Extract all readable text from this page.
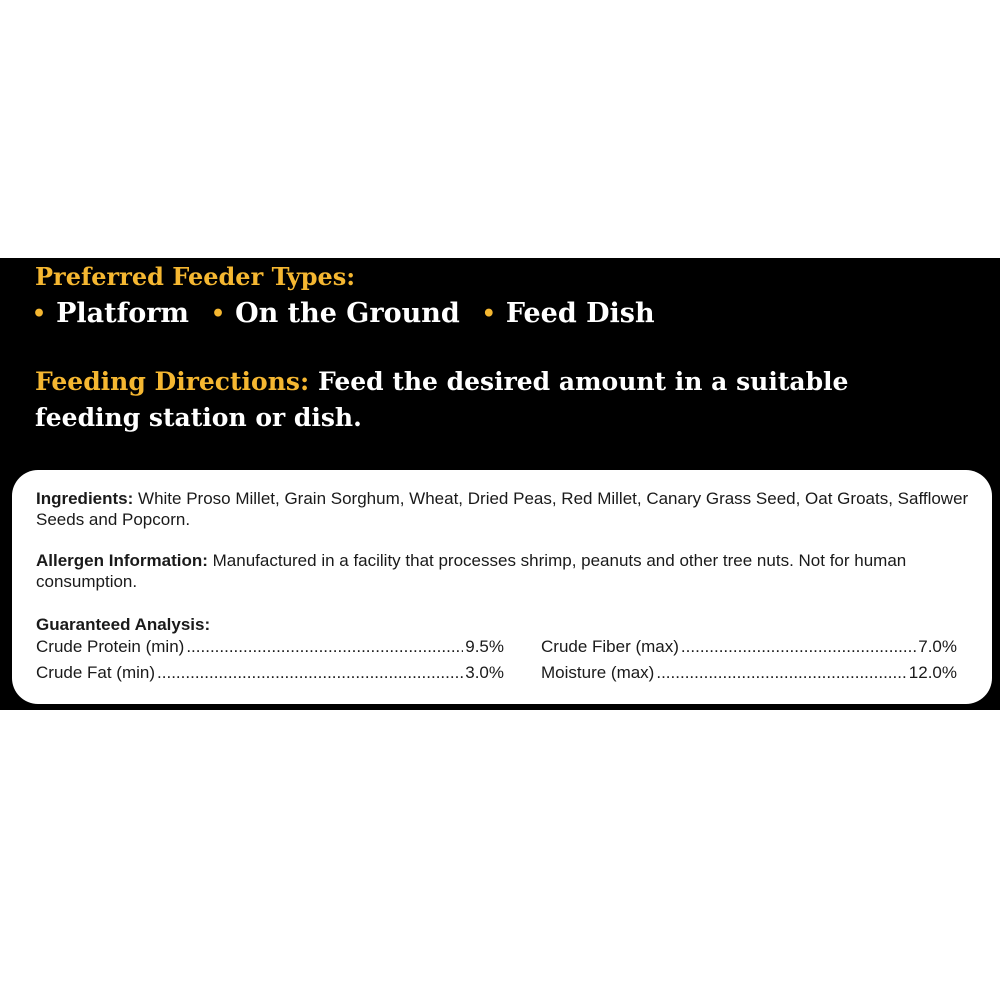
Preferred Feeder Types:
• Platform • On the Ground • Feed Dish

Feeding Directions: Feed the desired amount in a suitable feeding station or dish.

Ingredients: White Proso Millet, Grain Sorghum, Wheat, Dried Peas, Red Millet, Canary Grass Seed, Oat Groats, Safflower Seeds and Popcorn.

Allergen Information: Manufactured in a facility that processes shrimp, peanuts and other tree nuts. Not for human consumption.

Guaranteed Analysis:

Crude Protein (min) .....	9.5%
Crude Fat (min) .....	3.0%
Crude Fiber (max) .....	7.0%
Moisture (max) .....	12.0%
